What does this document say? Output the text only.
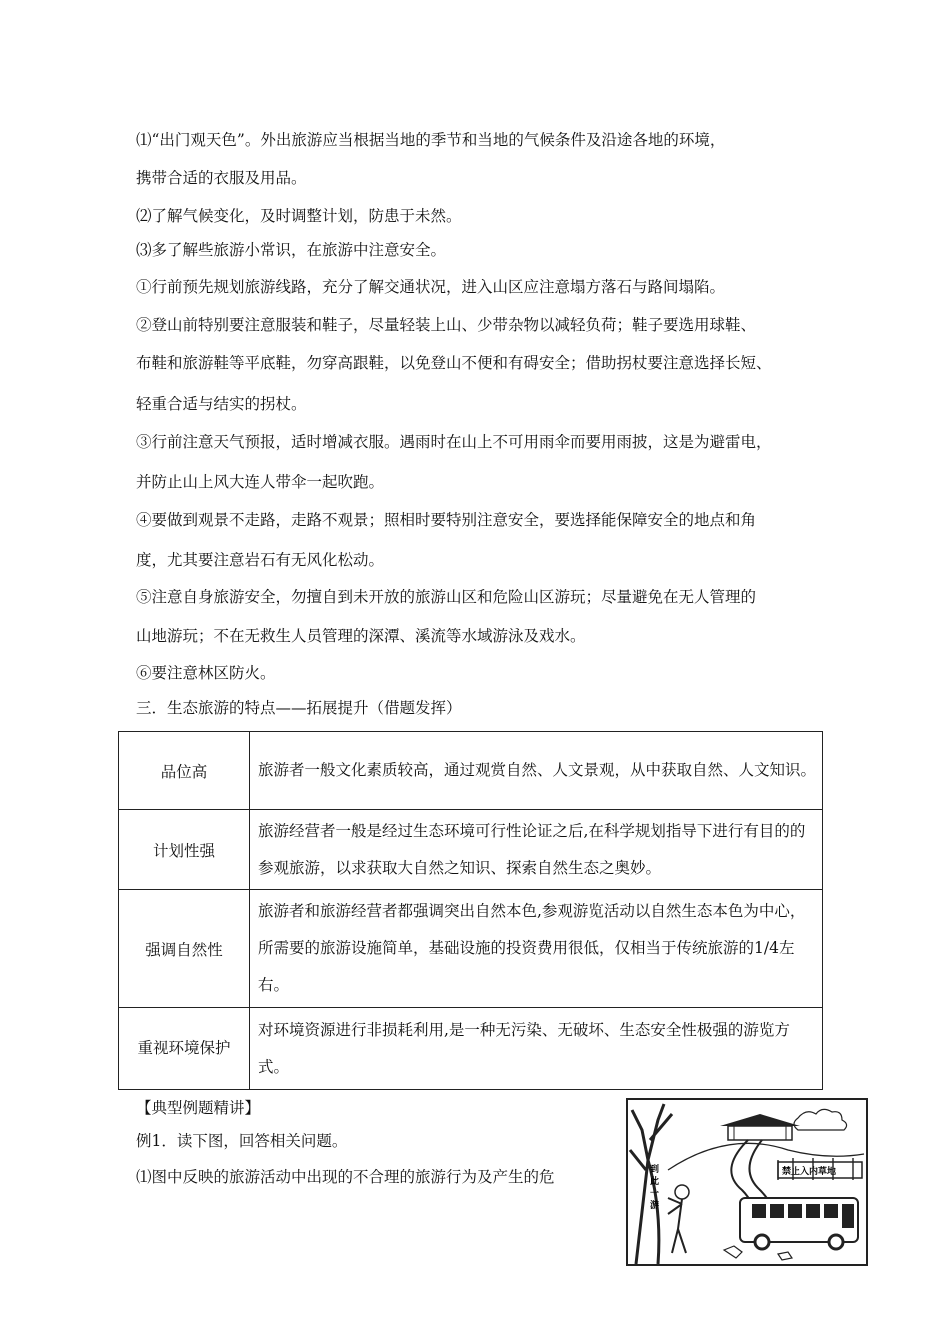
⑴“出门观天色”。外出旅游应当根据当地的季节和当地的气候条件及沿途各地的环境，
携带合适的衣服及用品。
⑵了解气候变化，及时调整计划，防患于未然。
⑶多了解些旅游小常识，在旅游中注意安全。
①行前预先规划旅游线路，充分了解交通状况，进入山区应注意塌方落石与路间塌陷。
②登山前特别要注意服装和鞋子，尽量轻装上山、少带杂物以减轻负荷；鞋子要选用球鞋、
布鞋和旅游鞋等平底鞋，勿穿高跟鞋，以免登山不便和有碍安全；借助拐杖要注意选择长短、
轻重合适与结实的拐杖。
③行前注意天气预报，适时增减衣服。遇雨时在山上不可用雨伞而要用雨披，这是为避雷电，
并防止山上风大连人带伞一起吹跑。
④要做到观景不走路，走路不观景；照相时要特别注意安全，要选择能保障安全的地点和角
度，尤其要注意岩石有无风化松动。
⑤注意自身旅游安全，勿擅自到未开放的旅游山区和危险山区游玩；尽量避免在无人管理的
山地游玩；不在无救生人员管理的深潭、溪流等水域游泳及戏水。
⑥要注意林区防火。
三．生态旅游的特点——拓展提升（借题发挥）
品位高	旅游者一般文化素质较高，通过观赏自然、人文景观，从中获取自然、人文知识。
计划性强	旅游经营者一般是经过生态环境可行性论证之后,在科学规划指导下进行有目的的参观旅游，以求获取大自然之知识、探索自然生态之奥妙。
强调自然性	旅游者和旅游经营者都强调突出自然本色,参观游览活动以自然生态本色为中心，所需要的旅游设施简单，基础设施的投资费用很低，仅相当于传统旅游的1/4左右。
重视环境保护	对环境资源进行非损耗利用,是一种无污染、无破坏、生态安全性极强的游览方式。
【典型例题精讲】
例1．读下图，回答相关问题。
⑴图中反映的旅游活动中出现的不合理的旅游行为及产生的危	禁止入内草地
到
此
一
游
